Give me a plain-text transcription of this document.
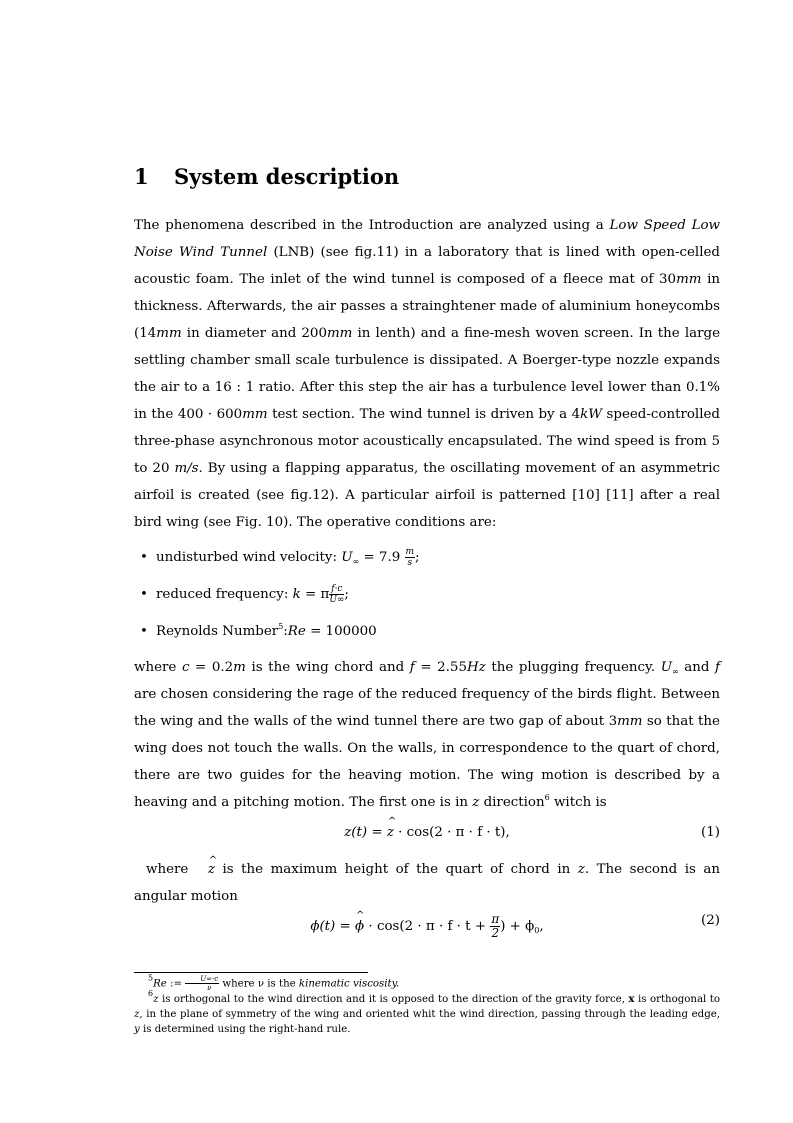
1 System description

The phenomena described in the Introduction are analyzed using a Low Speed Low Noise Wind Tunnel (LNB) (see fig.11) in a laboratory that is lined with open-celled acoustic foam. The inlet of the wind tunnel is composed of a fleece mat of 30mm in thickness. Afterwards, the air passes a strainghtener made of aluminium honeycombs (14mm in diameter and 200mm in lenth) and a fine-mesh woven screen. In the large settling chamber small scale turbulence is dissipated. A Boerger-type nozzle expands the air to a 16 : 1 ratio. After this step the air has a turbulence level lower than 0.1% in the 400 · 600mm test section. The wind tunnel is driven by a 4kW speed-controlled three-phase asynchronous motor acoustically encapsulated. The wind speed is from 5 to 20 m/s. By using a flapping apparatus, the oscillating movement of an asymmetric airfoil is created (see fig.12). A particular airfoil is patterned [10] [11] after a real bird wing (see Fig. 10). The operative conditions are:

• undisturbed wind velocity: $U_\infty = 7.9 \frac{m}{s}$ ;
• reduced frequency: k = π $\frac{f\cdot c}{U\infty}$ ;
• Reynolds Number$^5$:Re = 100000

where c = 0.2m is the wing chord and f = 2.55Hz the plugging frequency. $U_\infty$ and f are chosen considering the rage of the reduced frequency of the birds flight. Between the wing and the walls of the wind tunnel there are two gap of about 3mm so that the wing does not touch the walls. On the walls, in correspondence to the quart of chord, there are two guides for the heaving motion. The wing motion is described by a heaving and a pitching motion. The first one is in z direction$^6$ witch is

z(t) = z ^ · cos(2 · π · f · t),	(1)

where z ^ is the maximum height of the quart of chord in z. The second is an angular motion

ϕ(t) = ϕ ^ · $\cos(2 \cdot \pi \cdot f \cdot t + \frac{\pi}{2}$ ) + $\phi_0$,	(2)

$^5$Re := $\frac{U\infty\cdot c}{\nu}$ where ν is the kinematic viscosity.

$^6$z is orthogonal to the wind direction and it is opposed to the direction of the gravity force, x is orthogonal to z, in the plane of symmetry of the wing and oriented whit the wind direction, passing through the leading edge, y is determined using the right-hand rule.
